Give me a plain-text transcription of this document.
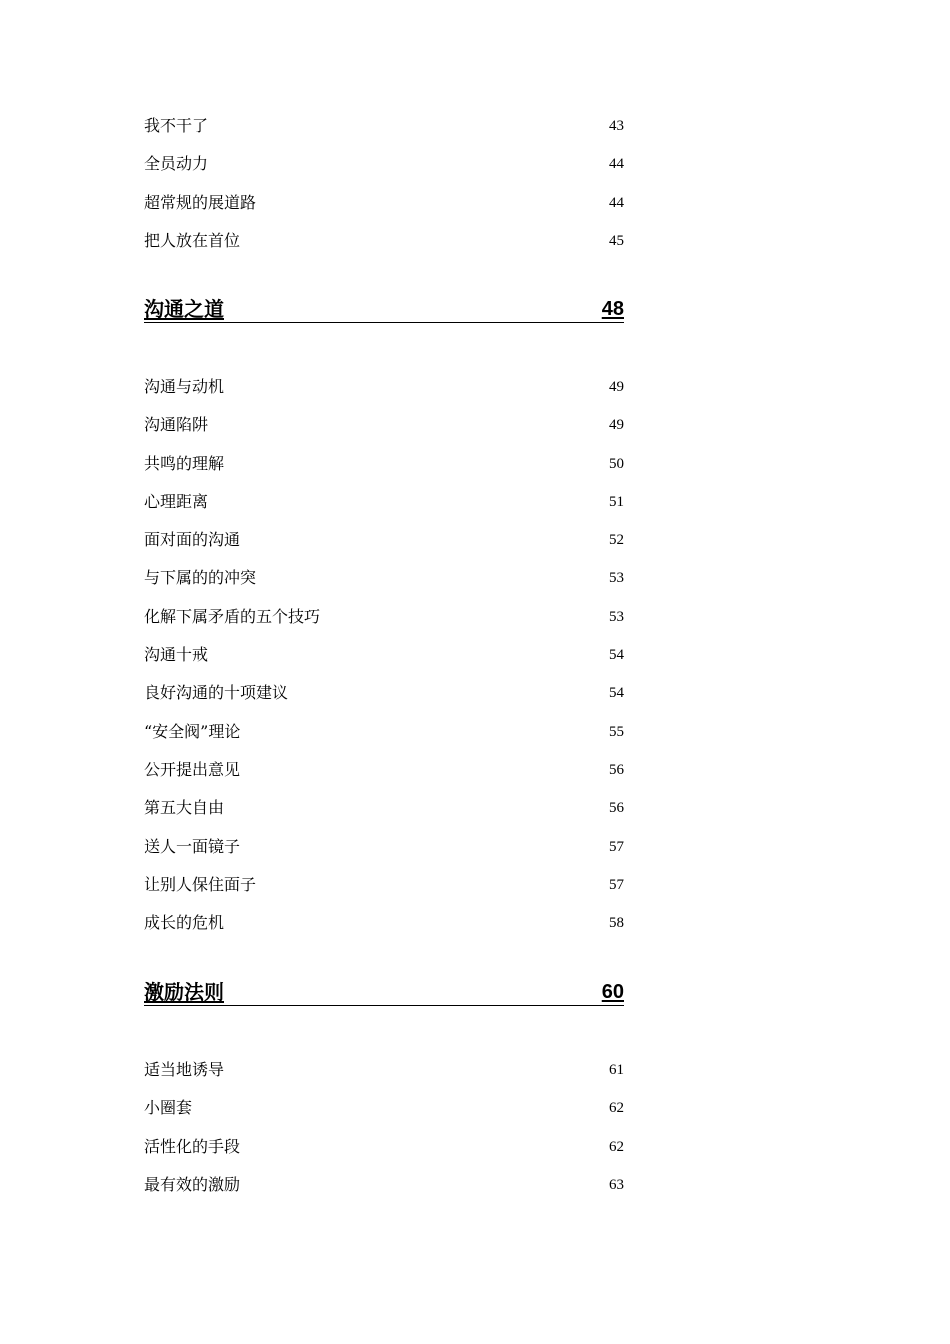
我不干了	43
全员动力	44
超常规的展道路	44
把人放在首位	45
沟通之道	48
沟通与动机	49
沟通陷阱	49
共鸣的理解	50
心理距离	51
面对面的沟通	52
与下属的的冲突	53
化解下属矛盾的五个技巧	53
沟通十戒	54
良好沟通的十项建议	54
“安全阀”理论	55
公开提出意见	56
第五大自由	56
送人一面镜子	57
让别人保住面子	57
成长的危机	58
激励法则	60
适当地诱导	61
小圈套	62
活性化的手段	62
最有效的激励	63
